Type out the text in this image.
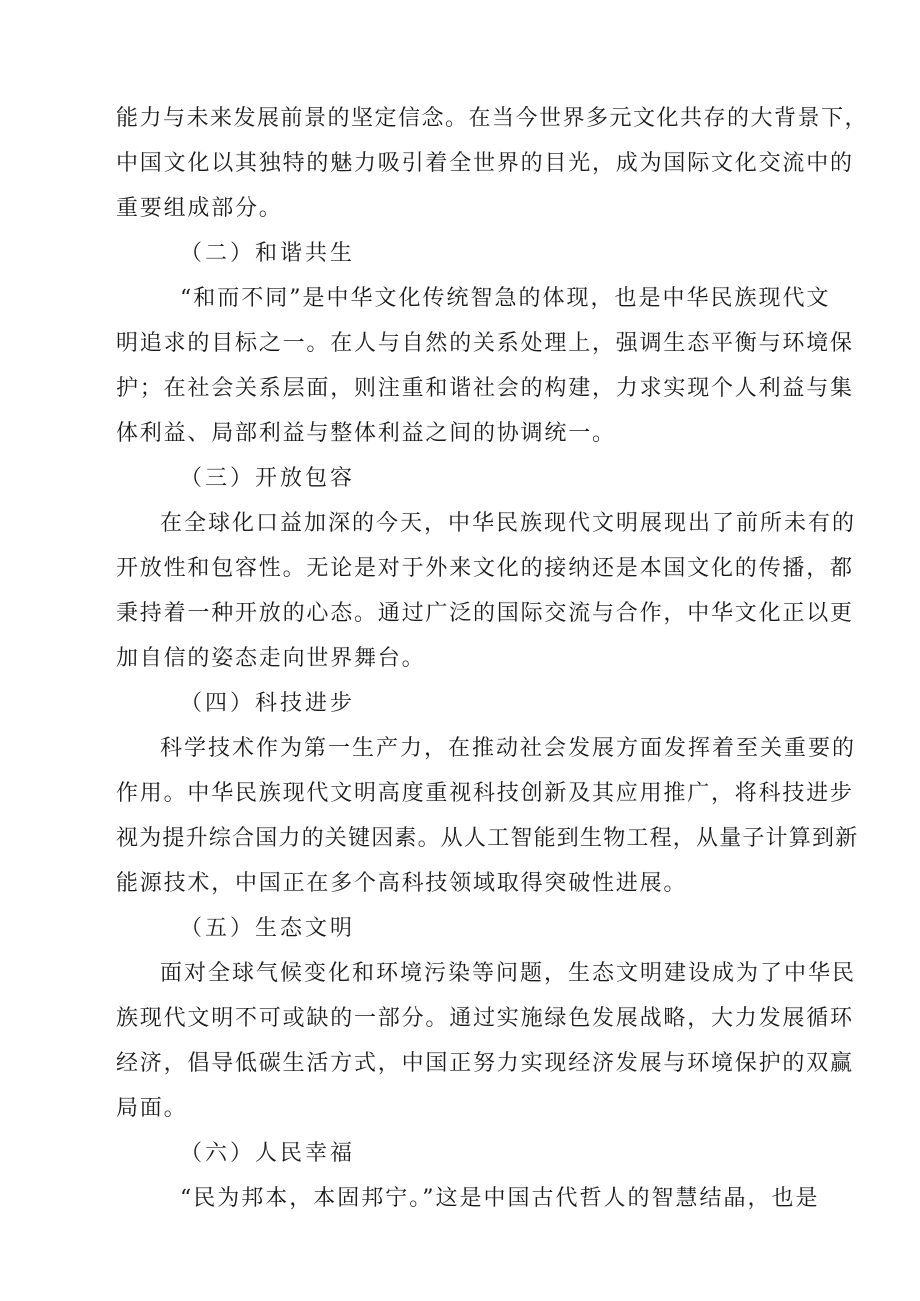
能力与未来发展前景的坚定信念。在当今世界多元文化共存的大背景下，
中国文化以其独特的魅力吸引着全世界的目光，成为国际文化交流中的
重要组成部分。
（二）和谐共生
“和而不同”是中华文化传统智急的体现，也是中华民族现代文
明追求的目标之一。在人与自然的关系处理上，强调生态平衡与环境保
护；在社会关系层面，则注重和谐社会的构建，力求实现个人利益与集
体利益、局部利益与整体利益之间的协调统一。
（三）开放包容
在全球化口益加深的今天，中华民族现代文明展现出了前所未有的
开放性和包容性。无论是对于外来文化的接纳还是本国文化的传播，都
秉持着一种开放的心态。通过广泛的国际交流与合作，中华文化正以更
加自信的姿态走向世界舞台。
（四）科技进步
科学技术作为第一生产力，在推动社会发展方面发挥着至关重要的
作用。中华民族现代文明高度重视科技创新及其应用推广，将科技进步
视为提升综合国力的关键因素。从人工智能到生物工程，从量子计算到新
能源技术，中国正在多个高科技领域取得突破性进展。
（五）生态文明
面对全球气候变化和环境污染等问题，生态文明建设成为了中华民
族现代文明不可或缺的一部分。通过实施绿色发展战略，大力发展循环
经济，倡导低碳生活方式，中国正努力实现经济发展与环境保护的双赢
局面。
（六）人民幸福
“民为邦本，本固邦宁。”这是中国古代哲人的智慧结晶，也是
